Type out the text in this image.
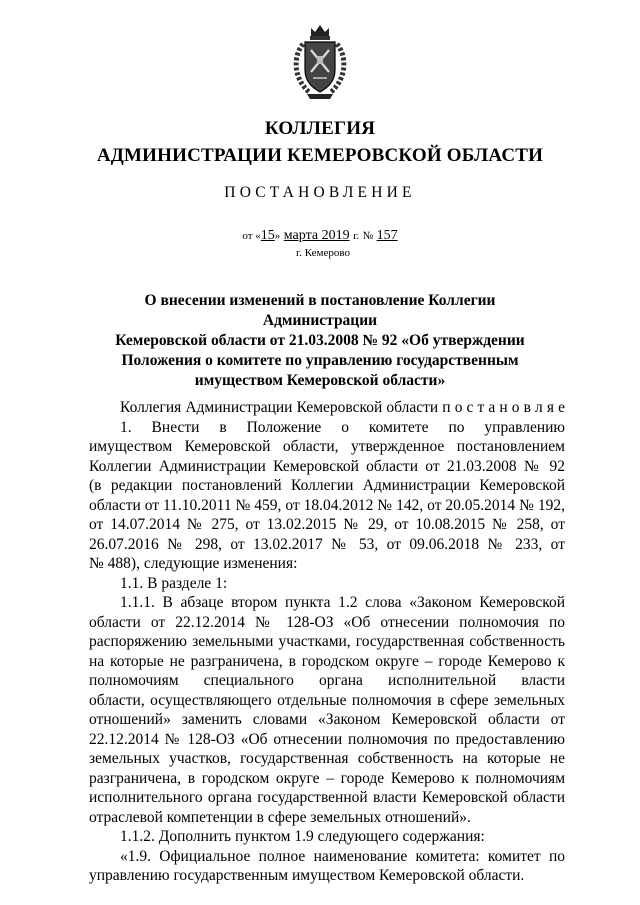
КОЛЛЕГИЯ
АДМИНИСТРАЦИИ КЕМЕРОВСКОЙ ОБЛАСТИ
ПОСТАНОВЛЕНИЕ
от «15» марта 2019 г. № 157
г. Кемерово
О внесении изменений в постановление Коллегии Администрации
Кемеровской области от 21.03.2008 № 92 «Об утверждении
Положения о комитете по управлению государственным
имуществом Кемеровской области»
Коллегия Администрации Кемеровской области п о с т а н о в л я е
1. Внести в Положение о комитете по управлению
имуществом Кемеровской области, утвержденное постановлением
Коллегии Администрации Кемеровской области от 21.03.2008 № 92
(в редакции постановлений Коллегии Администрации Кемеровской
области от 11.10.2011 № 459, от 18.04.2012 № 142, от 20.05.2014 № 192,
от 14.07.2014 № 275, от 13.02.2015 № 29, от 10.08.2015 № 258, от
26.07.2016 № 298, от 13.02.2017 № 53, от 09.06.2018 № 233, от
№ 488), следующие изменения:
1.1. В разделе 1:
1.1.1. В абзаце втором пункта 1.2 слова «Законом Кемеровской
области от 22.12.2014 № 128-ОЗ «Об отнесении полномочия по
распоряжению земельными участками, государственная собственность
на которые не разграничена, в городском округе – городе Кемерово к
полномочиям специального органа исполнительной власти
области, осуществляющего отдельные полномочия в сфере земельных
отношений» заменить словами «Законом Кемеровской области от
22.12.2014 № 128-ОЗ «Об отнесении полномочия по предоставлению
земельных участков, государственная собственность на которые не
разграничена, в городском округе – городе Кемерово к полномочиям
исполнительного органа государственной власти Кемеровской области
отраслевой компетенции в сфере земельных отношений».
1.1.2. Дополнить пунктом 1.9 следующего содержания:
«1.9. Официальное полное наименование комитета: комитет по
управлению государственным имуществом Кемеровской области.
